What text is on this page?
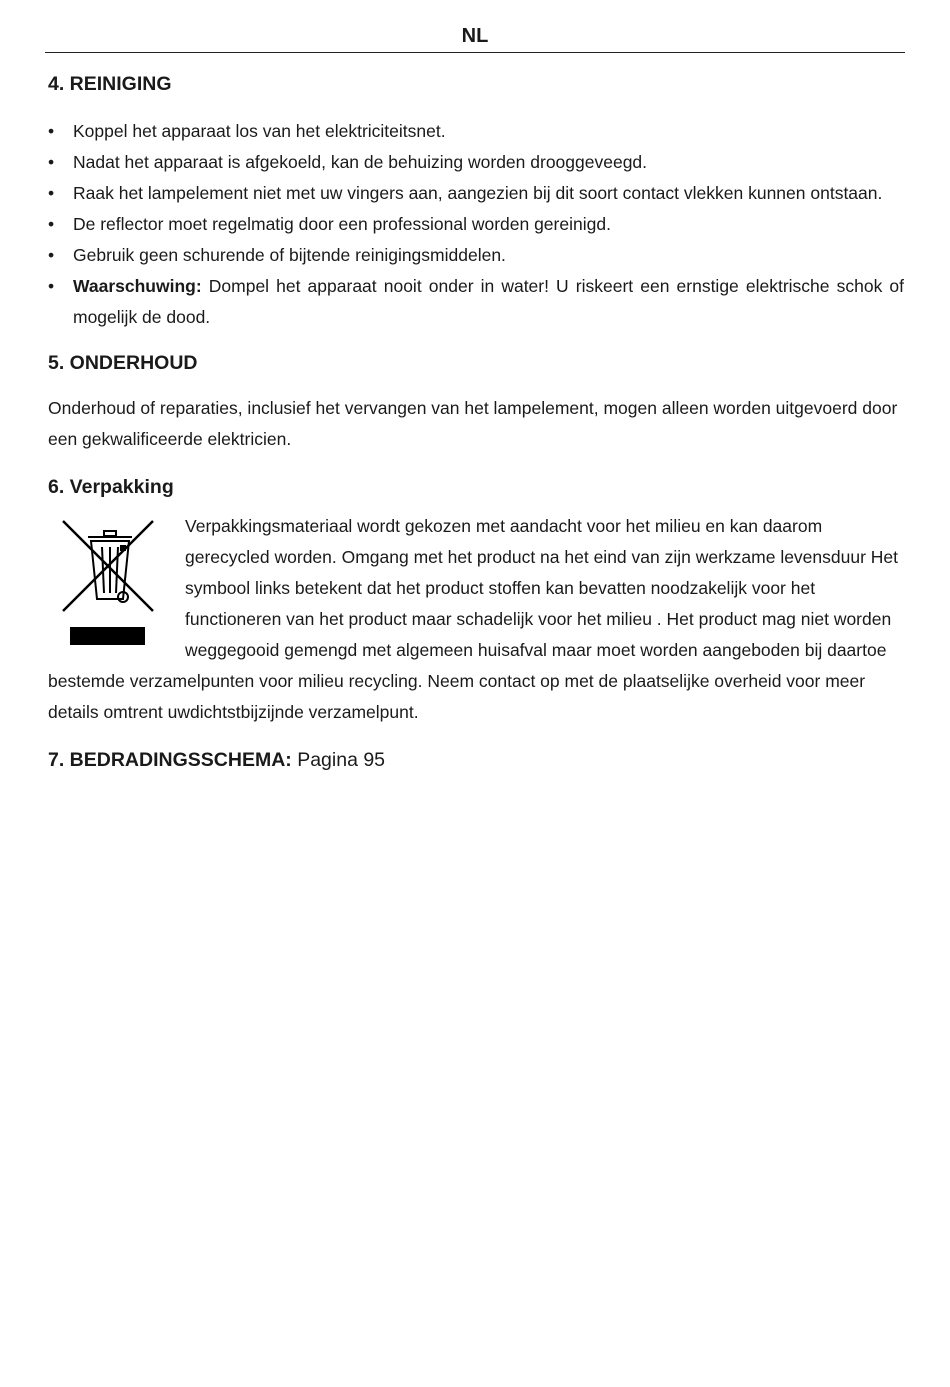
NL
4. REINIGING
•	Koppel het apparaat los van het elektriciteitsnet.
•	Nadat het apparaat is afgekoeld, kan de behuizing worden drooggeveegd.
•	Raak het lampelement niet met uw vingers aan, aangezien bij dit soort contact vlekken kunnen ontstaan.
•	De reflector moet regelmatig door een professional worden gereinigd.
•	Gebruik geen schurende of bijtende reinigingsmiddelen.
•	Waarschuwing: Dompel het apparaat nooit onder in water! U riskeert een ernstige elektrische schok of mogelijk de dood.
5. ONDERHOUD

Onderhoud of reparaties, inclusief het vervangen van het lampelement, mogen alleen worden uitgevoerd door een gekwalificeerde elektricien.

6. Verpakking

Verpakkingsmateriaal wordt gekozen met aandacht voor het milieu en kan daarom gerecycled worden. Omgang met het product na het eind van zijn werkzame levensduur Het symbool links betekent dat het product stoffen kan bevatten noodzakelijk voor het functioneren van het product maar schadelijk voor het milieu . Het product mag niet worden weggegooid gemengd met algemeen huisafval maar moet worden aangeboden bij daartoe bestemde verzamelpunten voor milieu recycling. Neem contact op met de plaatselijke overheid voor meer details omtrent uwdichtstbijzijnde verzamelpunt.

7. BEDRADINGSSCHEMA: Pagina 95
